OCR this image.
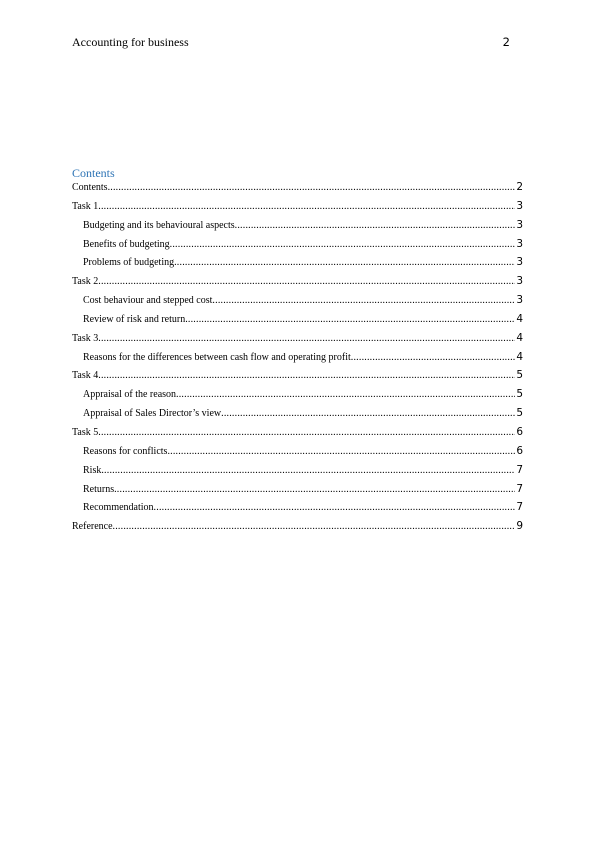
Accounting for business	2
Contents
Contents .....	2
Task 1 .....	3
Budgeting and its behavioural aspects .....	3
Benefits of budgeting .....	3
Problems of budgeting .....	3
Task 2 .....	3
Cost behaviour and stepped cost .....	3
Review of risk and return .....	4
Task 3 .....	4
Reasons for the differences between cash flow and operating profit .....	4
Task 4 .....	5
Appraisal of the reason .....	5
Appraisal of Sales Director’s view .....	5
Task 5 .....	6
Reasons for conflicts .....	6
Risk .....	7
Returns .....	7
Recommendation .....	7
Reference .....	9
